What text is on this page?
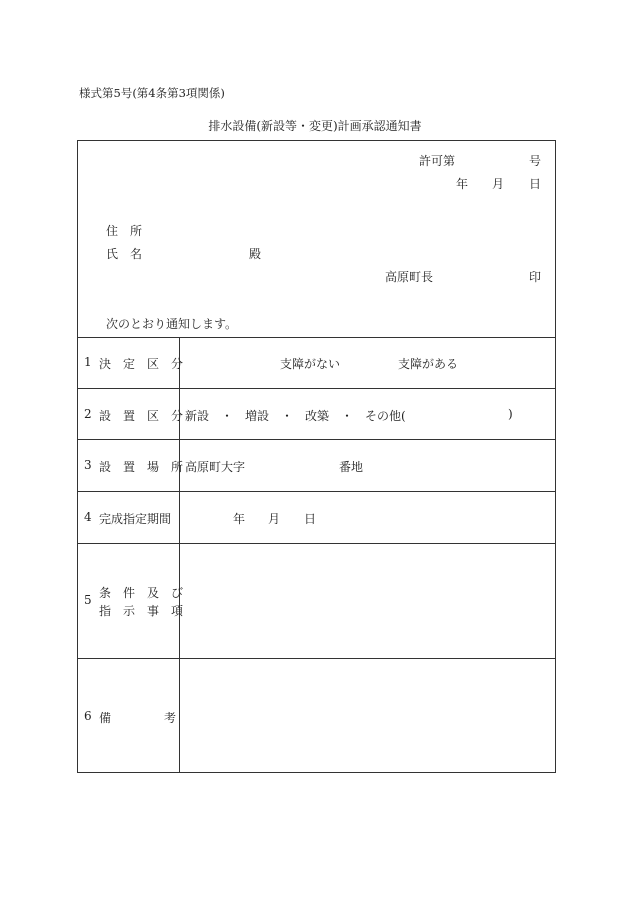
様式第5号(第4条第3項関係)
排水設備(新設等・変更)計画承認通知書
許可第	号
年 月 日
住　所
氏　名	殿
高原町長	印
次のとおり通知します。
1 決　定　区　分	支障がない	支障がある
2 設　置　区　分 新設　・　増設　・　改築　・　その他(	)
3 設　置　場　所 高原町大字	番地
4 完成指定期間	年 月 日
5 条　件　及　び
指　示　事　項
6 備	考
